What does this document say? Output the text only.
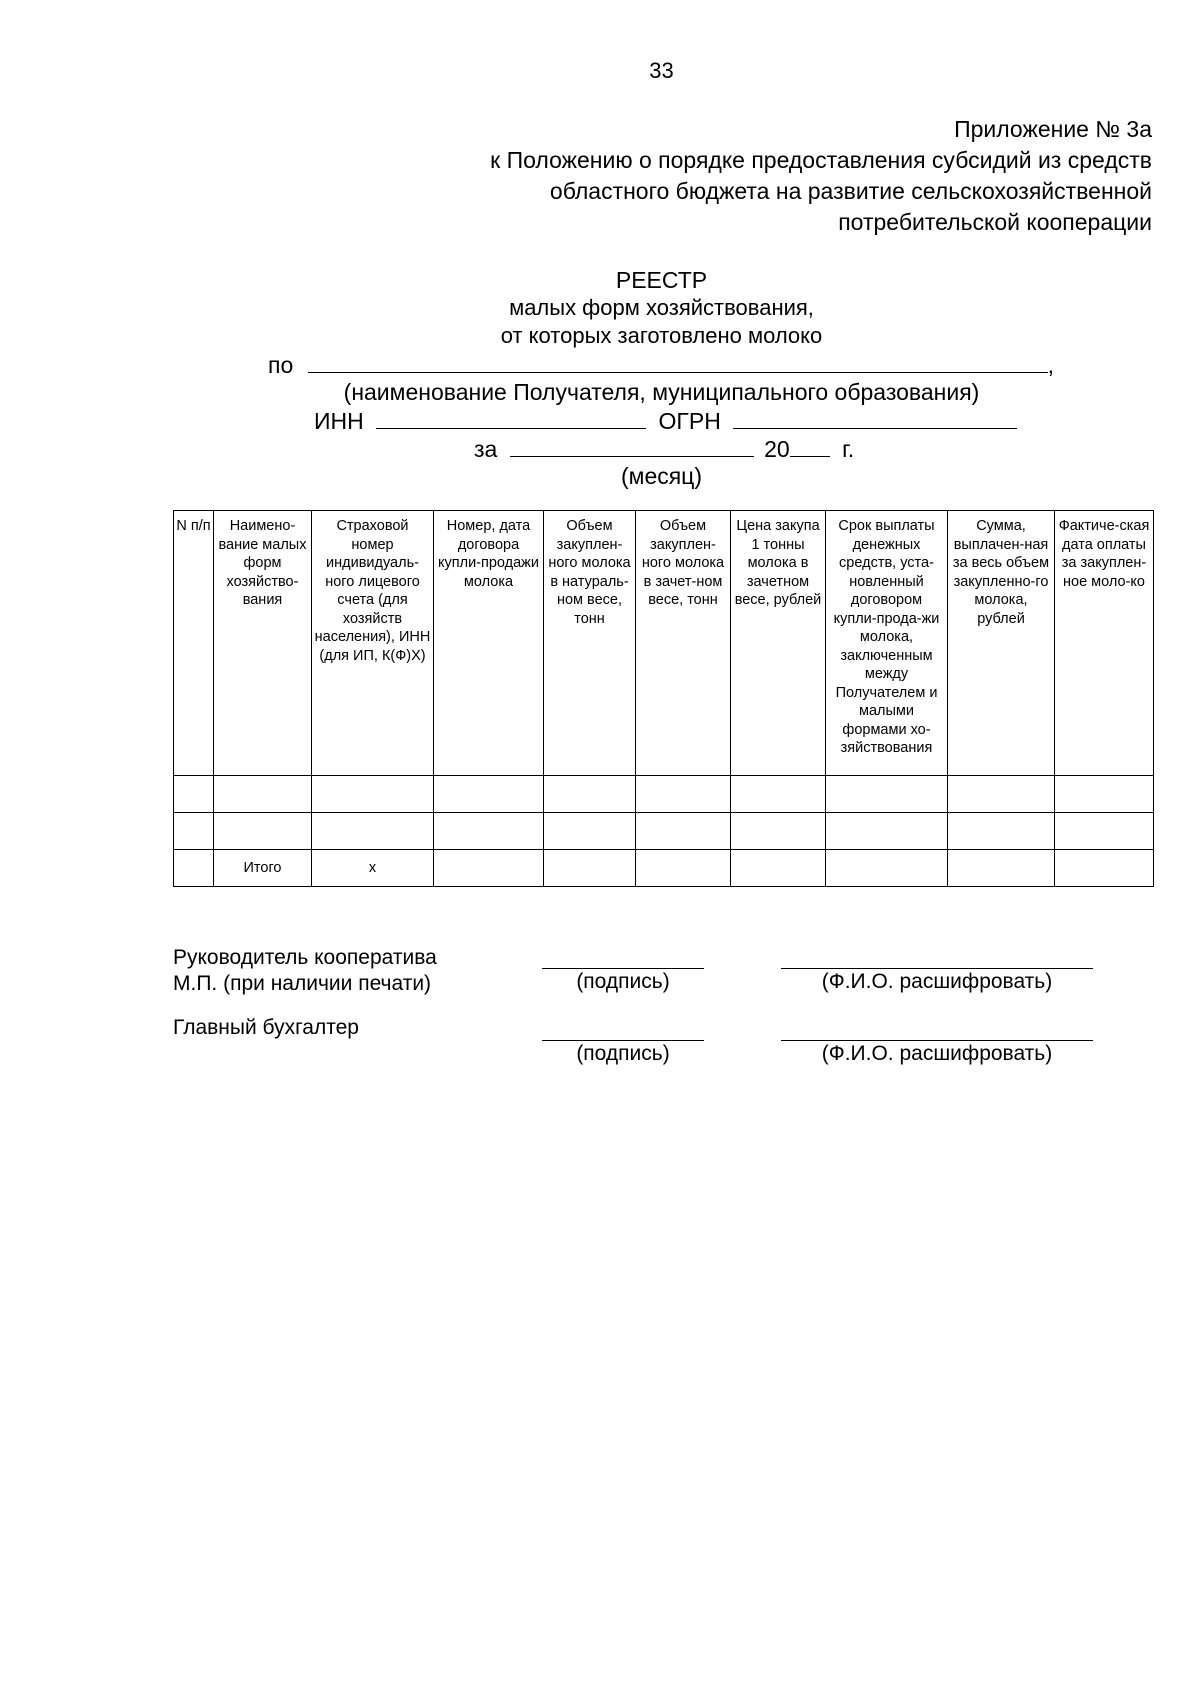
33
Приложение № 3а
к Положению о порядке предоставления субсидий из средств
областного бюджета на развитие сельскохозяйственной
потребительской кооперации
РЕЕСТР
малых форм хозяйствования,
от которых заготовлено молоко
по	,
(наименование Получателя, муниципального образования)
ИНН	ОГРН
за	20 г.
(месяц)
N п/п	Наимено-вание малых форм хозяйство-вания	Страховой номер индивидуаль-ного лицевого счета (для хозяйств населения), ИНН (для ИП, К(Ф)Х)	Номер, дата договора купли-продажи молока	Объем закуплен-ного молока в натураль-ном весе, тонн	Объем закуплен-ного молока в зачет-ном весе, тонн	Цена закупа 1 тонны молока в зачетном весе, рублей	Срок выплаты денежных средств, уста-новленный договором купли-прода-жи молока, заключенным между Получателем и малыми формами хо-зяйствования	Сумма, выплачен-ная за весь объем закупленно-го молока, рублей	Фактиче-ская дата оплаты за закуплен-ное моло-ко

	Итого	x							
Руководитель кооператива
М.П. (при наличии печати)	(подпись)	(Ф.И.О. расшифровать)
Главный бухгалтер
(подпись)	(Ф.И.О. расшифровать)
